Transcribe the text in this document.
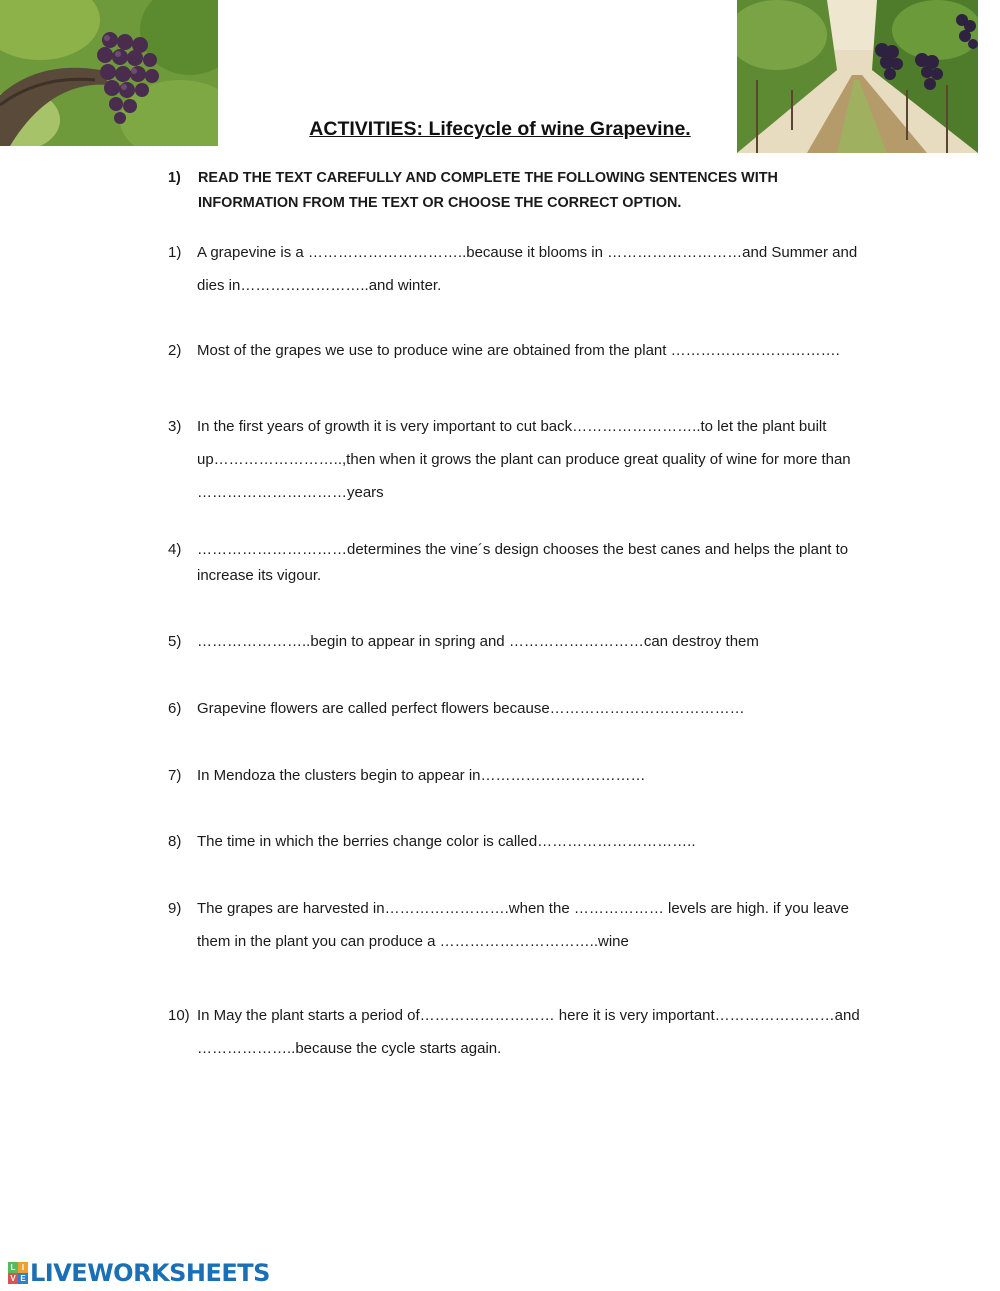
ACTIVITIES: Lifecycle of wine Grapevine.
1) READ THE TEXT CAREFULLY AND COMPLETE THE FOLLOWING SENTENCES WITH INFORMATION FROM THE TEXT OR CHOOSE THE CORRECT OPTION.
1) A grapevine is a …………………………..because it blooms in ………………………and Summer and dies in……………………..and winter.
2) Most of the grapes we use to produce wine are obtained from the plant …………………………….
3) In the first years of growth it is very important to cut back……………………..to let the plant built up……………………..,then when it grows the plant can produce great quality of wine for more than …………………………years
4) …………………………determines the vine´s design chooses the best canes and helps the plant to increase its vigour.
5) …………………..begin to appear in spring and ………………………can destroy them
6) Grapevine flowers are called perfect flowers because…………………………………
7) In Mendoza the clusters begin to appear in……………………………
8) The time in which the berries change color is called…………………………..
9) The grapes are harvested in…………………….when the ……………… levels are high. if you leave them in the plant you can produce a …………………………..wine
10) In May the plant starts a period of……………………… here it is very important……………………and ………………..because the cycle starts again.
L I
V E LIVEWORKSHEETS
